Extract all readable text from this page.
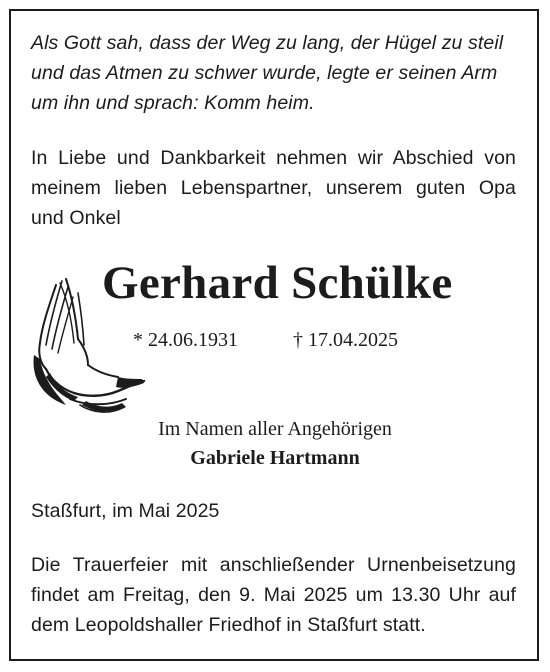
Als Gott sah, dass der Weg zu lang, der Hügel zu steil
und das Atmen zu schwer wurde, legte er seinen Arm
um ihn und sprach: Komm heim.
In Liebe und Dankbarkeit nehmen wir Abschied von
meinem lieben Lebenspartner, unserem guten Opa
und Onkel
Gerhard Schülke
* 24.06.1931	† 17.04.2025
Im Namen aller Angehörigen
Gabriele Hartmann
Staßfurt, im Mai 2025
Die Trauerfeier mit anschließender Urnenbeisetzung
findet am Freitag, den 9. Mai 2025 um 13.30 Uhr auf
dem Leopoldshaller Friedhof in Staßfurt statt.
